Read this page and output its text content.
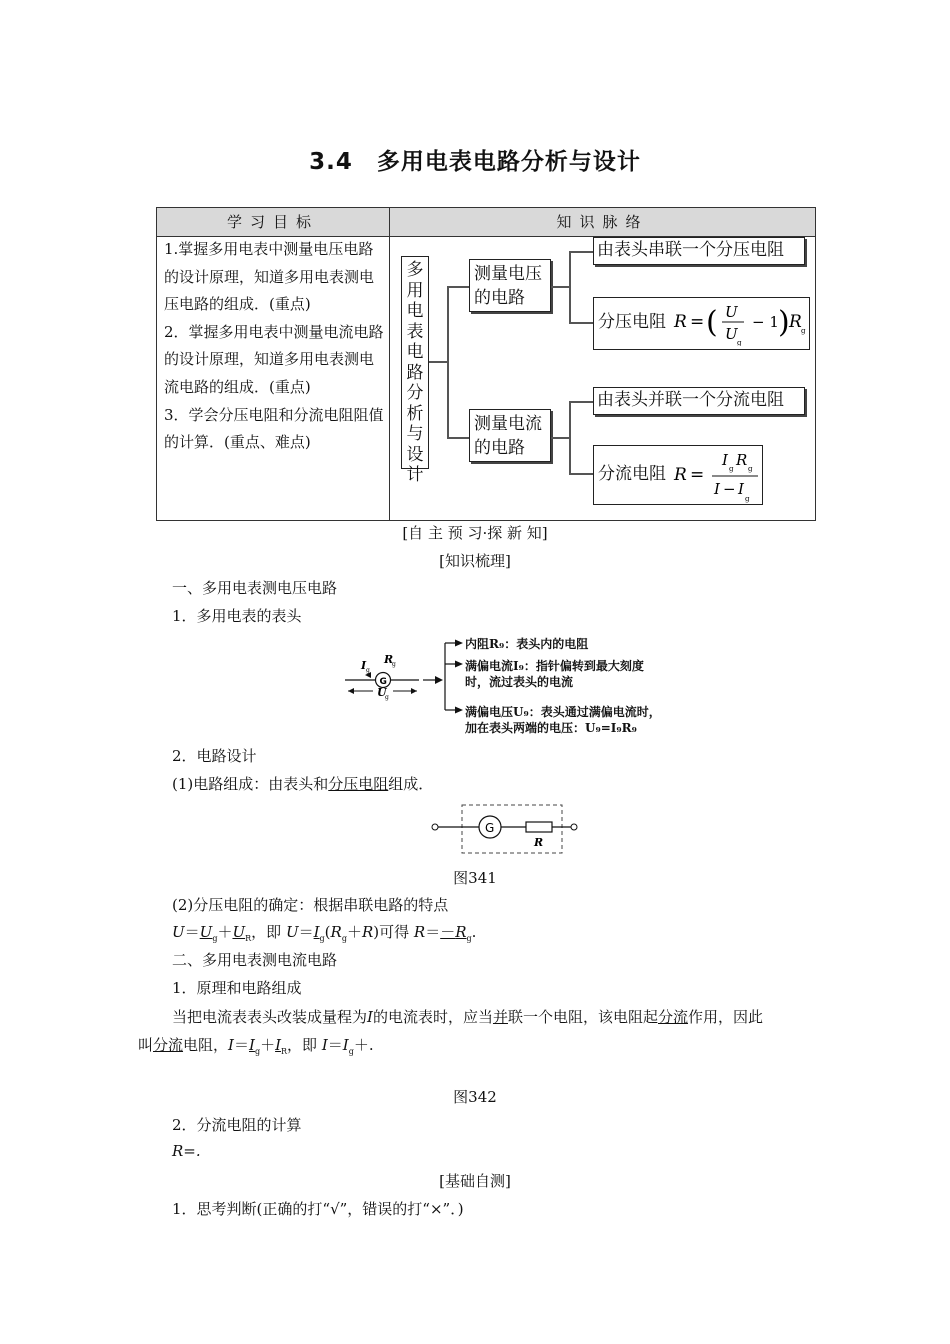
3.4　多用电表电路分析与设计
学习目标	知识脉络
1.掌握多用电表中测量电压电路的设计原理，知道多用电表测电压电路的组成．(重点)
2．掌握多用电表中测量电流电路的设计原理，知道多用电表测电流电路的组成．(重点)
3．学会分压电阻和分流电阻阻值的计算．(重点、难点)
多用电表电路分析与设计
测量电压的电路
测量电流的电路
由表头串联一个分压电阻
分压电阻 R = ( U
U g
− 1 ) R g
由表头并联一个分流电阻
分流电阻 R =
I g R g
I − I
g
[自 主 预 习·探 新 知]
[知识梳理]
一、多用电表测电压电路
1．多用电表的表头
G
I g
R
g
U
g
内阻R₉：表头内的电阻
满偏电流I₉：指针偏转到最大刻度
时，流过表头的电流
满偏电压U₉：表头通过满偏电流时，
加在表头两端的电压：U₉=I₉R₉
2．电路设计
(1)电路组成：由表头和分压电阻组成．
G
R
图341
(2)分压电阻的确定：根据串联电路的特点
$U=U_g+U_R$，即 $U=I_g(R_g+R)$可得 $R=-R_g$.
二、多用电表测电流电路
1．原理和电路组成
当把电流表表头改装成量程为I的电流表时，应当并联一个电阻，该电阻起分流作用，因此
叫分流电阻，$I=I_g+I_R$，即 $I=I_g+$.
图342
2．分流电阻的计算
R=.
[基础自测]
1．思考判断(正确的打“√”，错误的打“×”．)
